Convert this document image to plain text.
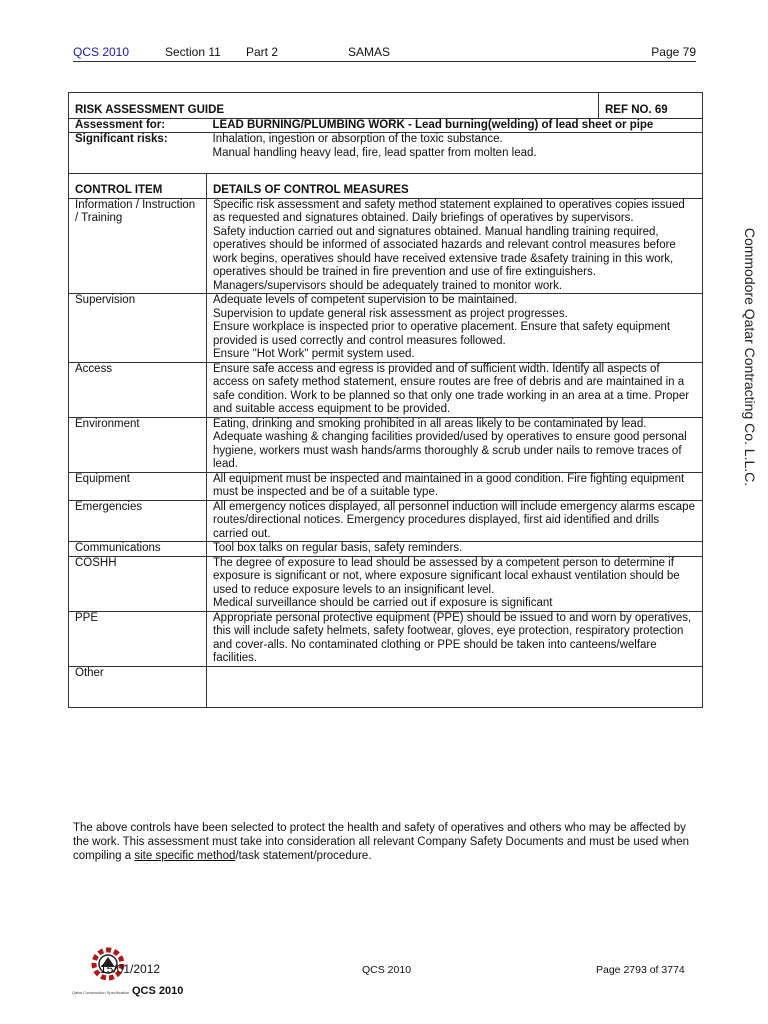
QCS 2010	Section 11 Part 2	SAMAS	Page 79
Commodore Qatar Contracting Co. L.L.C.

RISK ASSESSMENT GUIDE		REF NO. 69
Assessment for:	LEAD BURNING/PLUMBING WORK - Lead burning(welding) of lead sheet or pipe	
Significant risks:	Inhalation, ingestion or absorption of the toxic substance.
Manual handling heavy lead, fire, lead spatter from molten lead.	
CONTROL ITEM	DETAILS OF CONTROL MEASURES	
Information / Instruction / Training	Specific risk assessment and safety method statement explained to operatives copies issued as requested and signatures obtained. Daily briefings of operatives by supervisors.
Safety induction carried out and signatures obtained. Manual handling training required, operatives should be informed of associated hazards and relevant control measures before work begins, operatives should have received extensive trade &safety training in this work, operatives should be trained in fire prevention and use of fire extinguishers.
Managers/supervisors should be adequately trained to monitor work.	
Supervision	Adequate levels of competent supervision to be maintained.
Supervision to update general risk assessment as project progresses.
Ensure workplace is inspected prior to operative placement. Ensure that safety equipment provided is used correctly and control measures followed.
Ensure "Hot Work" permit system used.	
Access	Ensure safe access and egress is provided and of sufficient width. Identify all aspects of access on safety method statement, ensure routes are free of debris and are maintained in a safe condition. Work to be planned so that only one trade working in an area at a time. Proper and suitable access equipment to be provided.	
Environment	Eating, drinking and smoking prohibited in all areas likely to be contaminated by lead. Adequate washing & changing facilities provided/used by operatives to ensure good personal hygiene, workers must wash hands/arms thoroughly & scrub under nails to remove traces of lead.	
Equipment	All equipment must be inspected and maintained in a good condition. Fire fighting equipment must be inspected and be of a suitable type.	
Emergencies	All emergency notices displayed, all personnel induction will include emergency alarms escape routes/directional notices. Emergency procedures displayed, first aid identified and drills carried out.	
Communications	Tool box talks on regular basis, safety reminders.	
COSHH	The degree of exposure to lead should be assessed by a competent person to determine if exposure is significant or not, where exposure significant local exhaust ventilation should be used to reduce exposure levels to an insignificant level.
Medical surveillance should be carried out if exposure is significant	
PPE	Appropriate personal protective equipment (PPE) should be issued to and worn by operatives, this will include safety helmets, safety footwear, gloves, eye protection, respiratory protection and cover-alls. No contaminated clothing or PPE should be taken into canteens/welfare facilities.	
Other		
The above controls have been selected to protect the health and safety of operatives and others who may be affected by the work. This assessment must take into consideration all relevant Company Safety Documents and must be used when compiling a site specific method/task statement/procedure.
15/01/2012
Qatar Construction Specification QCS 2010
QCS 2010	Page 2793 of 3774
